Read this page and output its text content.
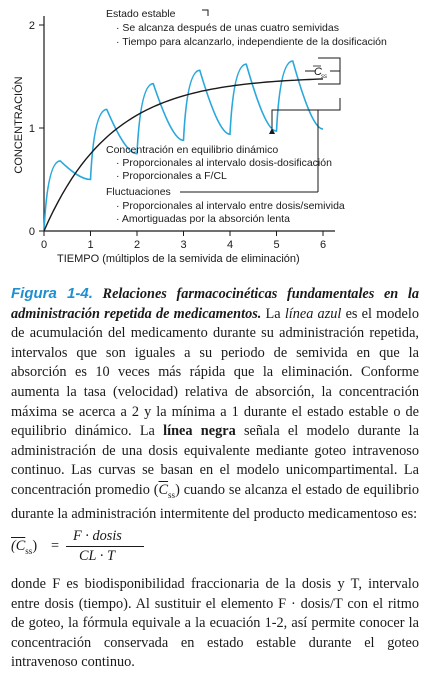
0
1
2
0	1	2	3	4	5	6
CONCENTRACIÓN
TIEMPO (múltiplos de la semivida de eliminación)
C ss
Estado estable
· Se alcanza después de unas cuatro semividas
· Tiempo para alcanzarlo, independiente de la dosificación
Concentración en equilibrio dinámico
· Proporcionales al intervalo dosis-dosificación
· Proporcionales a F/CL
Fluctuaciones
· Proporcionales al intervalo entre dosis/semivida
· Amortiguadas por la absorción lenta

Figura 1-4. Relaciones farmacocinéticas fundamentales en la administración repetida de medicamentos. La línea azul es el modelo de acumulación del medicamento durante su administración repetida, intervalos que son iguales a su periodo de semivida en que la absorción es 10 veces más rápida que la eliminación. Conforme aumenta la tasa (velocidad) relativa de absorción, la concentración máxima se acerca a 2 y la mínima a 1 durante el estado estable o de equilibrio dinámico. La línea negra señala el modelo durante la administración de una dosis equivalente mediante goteo intravenoso continuo. Las curvas se basan en el modelo unicompartimental. La concentración promedio $(\overline{C}_{ss})$ cuando se alcanza el estado de equilibrio durante la administración intermitente del producto medicamentoso es:

$(C_{ss})$ =
F · dosis
CL · T

donde F es biodisponibilidad fraccionaria de la dosis y T, intervalo entre dosis (tiempo). Al sustituir el elemento F · dosis/T con el ritmo de goteo, la fórmula equivale a la ecuación 1-2, así permite conocer la concentración conservada en estado estable durante el goteo intravenoso continuo.
